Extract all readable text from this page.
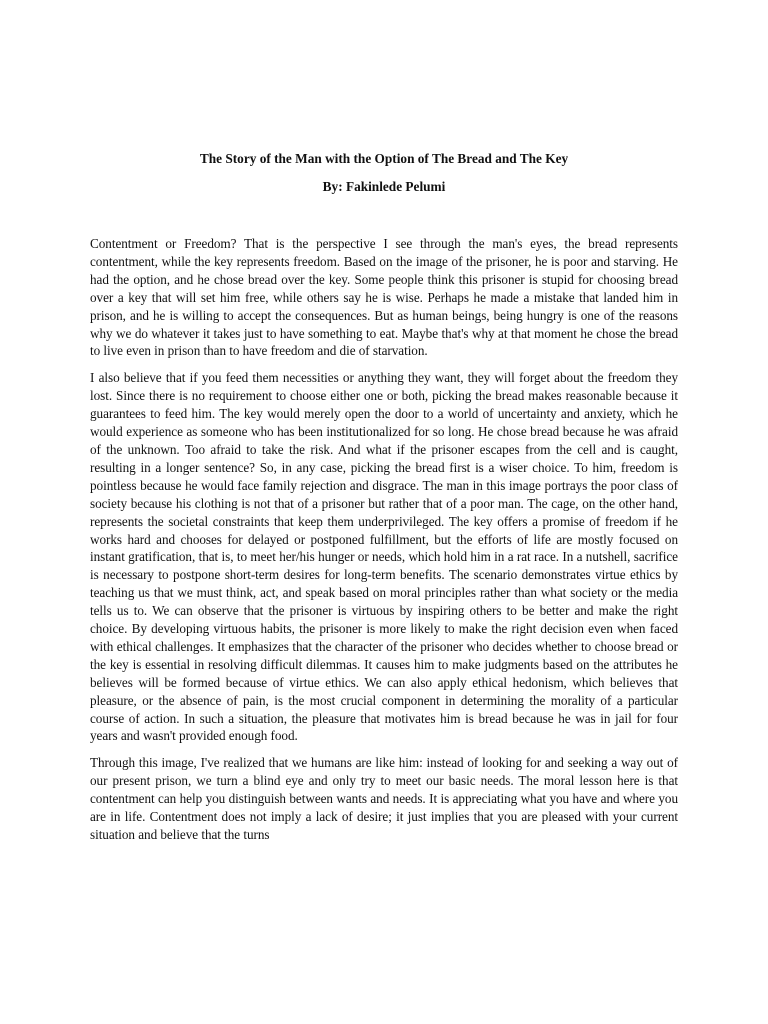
The Story of the Man with the Option of The Bread and The Key

By: Fakinlede Pelumi

Contentment or Freedom? That is the perspective I see through the man's eyes, the bread represents contentment, while the key represents freedom. Based on the image of the prisoner, he is poor and starving. He had the option, and he chose bread over the key. Some people think this prisoner is stupid for choosing bread over a key that will set him free, while others say he is wise. Perhaps he made a mistake that landed him in prison, and he is willing to accept the consequences. But as human beings, being hungry is one of the reasons why we do whatever it takes just to have something to eat. Maybe that's why at that moment he chose the bread to live even in prison than to have freedom and die of starvation.

I also believe that if you feed them necessities or anything they want, they will forget about the freedom they lost. Since there is no requirement to choose either one or both, picking the bread makes reasonable because it guarantees to feed him. The key would merely open the door to a world of uncertainty and anxiety, which he would experience as someone who has been institutionalized for so long. He chose bread because he was afraid of the unknown. Too afraid to take the risk. And what if the prisoner escapes from the cell and is caught, resulting in a longer sentence? So, in any case, picking the bread first is a wiser choice. To him, freedom is pointless because he would face family rejection and disgrace. The man in this image portrays the poor class of society because his clothing is not that of a prisoner but rather that of a poor man. The cage, on the other hand, represents the societal constraints that keep them underprivileged. The key offers a promise of freedom if he works hard and chooses for delayed or postponed fulfillment, but the efforts of life are mostly focused on instant gratification, that is, to meet her/his hunger or needs, which hold him in a rat race. In a nutshell, sacrifice is necessary to postpone short-term desires for long-term benefits. The scenario demonstrates virtue ethics by teaching us that we must think, act, and speak based on moral principles rather than what society or the media tells us to. We can observe that the prisoner is virtuous by inspiring others to be better and make the right choice. By developing virtuous habits, the prisoner is more likely to make the right decision even when faced with ethical challenges. It emphasizes that the character of the prisoner who decides whether to choose bread or the key is essential in resolving difficult dilemmas. It causes him to make judgments based on the attributes he believes will be formed because of virtue ethics. We can also apply ethical hedonism, which believes that pleasure, or the absence of pain, is the most crucial component in determining the morality of a particular course of action. In such a situation, the pleasure that motivates him is bread because he was in jail for four years and wasn't provided enough food.

Through this image, I've realized that we humans are like him: instead of looking for and seeking a way out of our present prison, we turn a blind eye and only try to meet our basic needs. The moral lesson here is that contentment can help you distinguish between wants and needs. It is appreciating what you have and where you are in life. Contentment does not imply a lack of desire; it just implies that you are pleased with your current situation and believe that the turns
